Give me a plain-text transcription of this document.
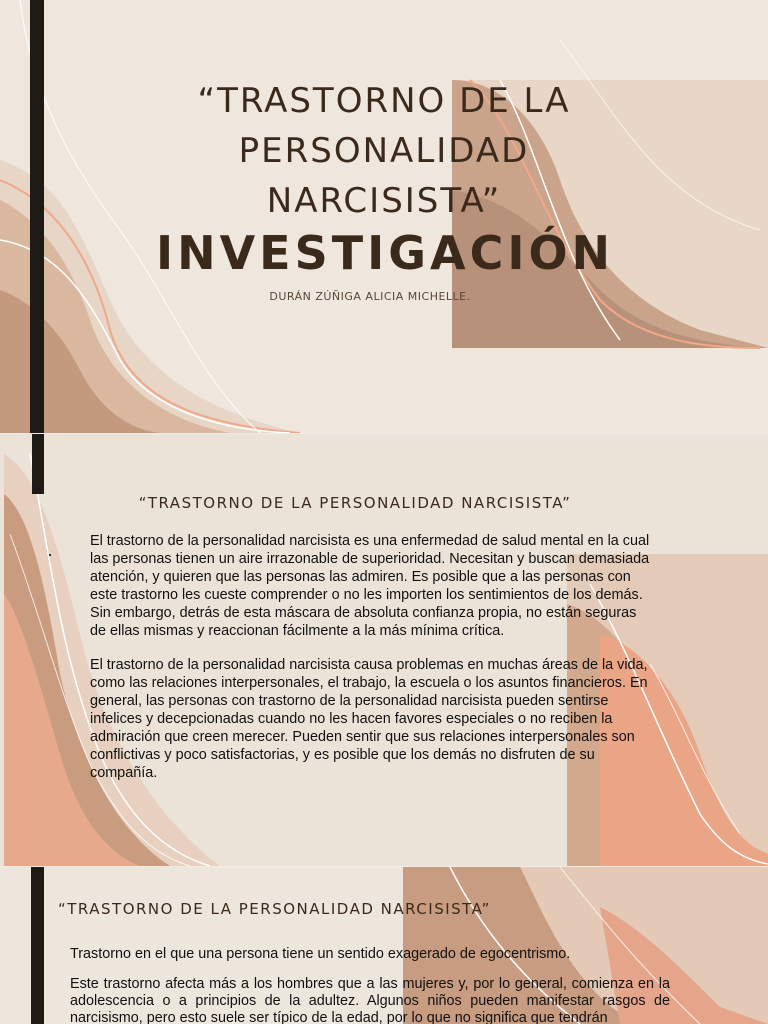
“TRASTORNO DE LA
PERSONALIDAD
NARCISISTA”
INVESTIGACIÓN
DURÁN ZÚÑIGA ALICIA MICHELLE.
“TRASTORNO DE LA PERSONALIDAD NARCISISTA”

El trastorno de la personalidad narcisista es una enfermedad de salud mental en la cual las personas tienen un aire irrazonable de superioridad. Necesitan y buscan demasiada atención, y quieren que las personas las admiren. Es posible que a las personas con este trastorno les cueste comprender o no les importen los sentimientos de los demás. Sin embargo, detrás de esta máscara de absoluta confianza propia, no están seguras de ellas mismas y reaccionan fácilmente a la más mínima crítica.

El trastorno de la personalidad narcisista causa problemas en muchas áreas de la vida, como las relaciones interpersonales, el trabajo, la escuela o los asuntos financieros. En general, las personas con trastorno de la personalidad narcisista pueden sentirse infelices y decepcionadas cuando no les hacen favores especiales o no reciben la admiración que creen merecer. Pueden sentir que sus relaciones interpersonales son conflictivas y poco satisfactorias, y es posible que los demás no disfruten de su compañía.

“TRASTORNO DE LA PERSONALIDAD NARCISISTA”

Trastorno en el que una persona tiene un sentido exagerado de egocentrismo.

Este trastorno afecta más a los hombres que a las mujeres y, por lo general, comienza en la adolescencia o a principios de la adultez. Algunos niños pueden manifestar rasgos de narcisismo, pero esto suele ser típico de la edad, por lo que no significa que tendrán
